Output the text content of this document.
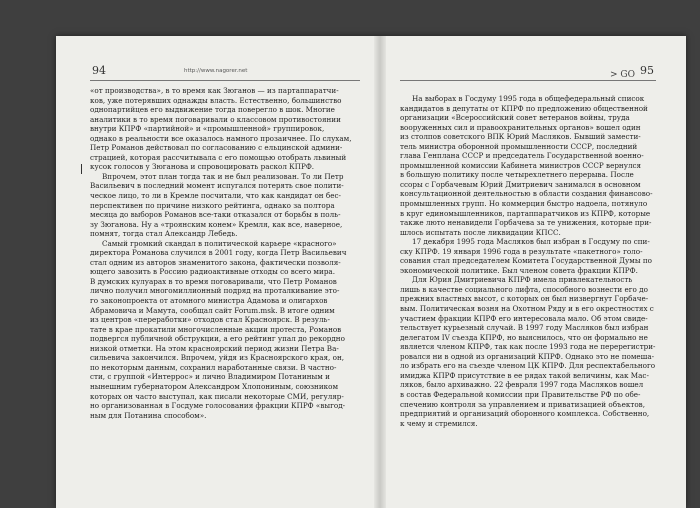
94	http://www.nagorer.net

«от производства», в то время как Зюганов — из партаппаратчи-
ков, уже потерявших однажды власть. Естественно, большинство
однопартийцев его выдвижение тогда поверегло в шок. Многие
аналитики в то время поговаривали о классовом противостоянии
внутри КПРФ «партийной» и «промышленной» группировок,
однако в реальности все оказалось намного прозаичнее. По слухам,
Петр Романов действовал по согласованию с ельцинской админи-
страцией, которая рассчитывала с его помощью отобрать львиный
кусок голосов у Зюганова и спровоцировать раскол КПРФ.

Впрочем, этот план тогда так и не был реализован. То ли Петр
Васильевич в последний момент испугался потерять свое полити-
ческое лицо, то ли в Кремле посчитали, что как кандидат он бес-
перспективен по причине низкого рейтинга, однако за полтора
месяца до выборов Романов все-таки отказался от борьбы в поль-
зу Зюганова. Ну а «троянским конем» Кремля, как все, наверное,
помнят, тогда стал Александр Лебедь.

Самый громкий скандал в политической карьере «красного»
директора Романова случился в 2001 году, когда Петр Васильевич
стал одним из авторов знаменитого закона, фактически позволя-
ющего завозить в Россию радиоактивные отходы со всего мира.
В думских кулуарах в то время поговаривали, что Петр Романов
лично получил многомиллионный подряд на проталкивание это-
го законопроекта от атомного министра Адамова и олигархов
Абрамовича и Мамута, сообщал сайт Forum.msk. В итоге одним
из центров «переработки» отходов стал Красноярск. В резуль-
тате в крае прокатили многочисленные акции протеста, Романов
подвергся публичной обструкции, а его рейтинг упал до рекордно
низкой отметки. На этом красноярский период жизни Петра Ва-
сильевича закончился. Впрочем, уйдя из Красноярского края, он,
по некоторым данным, сохранил наработанные связи. В частно-
сти, с группой «Интеррос» и лично Владимиром Потаниным и
нынешним губернатором Александром Хлопониным, союзником
которых он часто выступал, как писали некоторые СМИ, регуляр-
но организованная в Госдуме голосования фракции КПРФ «выгод-
ным для Потанина способом».

> GO 95

На выборах в Госдуму 1995 года в общефедеральный список
кандидатов в депутаты от КПРФ по предложению общественной
организации «Всероссийский совет ветеранов войны, труда
вооруженных сил и правоохранительных органов» вошел один
из столпов советского ВПК Юрий Масляков. Бывший замести-
тель министра оборонной промышленности СССР, последний
глава Генплана СССР и председатель Государственной военно-
промышленной комиссии Кабинета министров СССР вернулся
в большую политику после четырехлетнего перерыва. После
ссоры с Горбачевым Юрий Дмитриевич занимался в основном
консультационной деятельностью в области создания финансово-
промышленных групп. Но коммерция быстро надоела, потянуло
в круг единомышленников, партаппаратчиков из КПРФ, которые
также люто ненавидели Горбачева за те унижения, которые при-
шлось испытать после ликвидации КПСС.

17 декабря 1995 года Масляков был избран в Госдуму по спи-
ску КПРФ. 19 января 1996 года в результате «пакетного» голо-
сования стал председателем Комитета Государственной Думы по
экономической политике. Был членом совета фракции КПРФ.

Для Юрия Дмитриевича КПРФ имела привлекательность
лишь в качестве социального лифта, способного вознести его до
прежних властных высот, с которых он был низвергнут Горбаче-
вым. Политическая возня на Охотном Ряду и в его окрестностях с
участием фракции КПРФ его интересовала мало. Об этом свиде-
тельствует курьезный случай. В 1997 году Масляков был избран
делегатом IV съезда КПРФ, но выяснилось, что он формально не
является членом КПРФ, так как после 1993 года не перерегистри-
ровался ни в одной из организаций КПРФ. Однако это не помеша-
ло избрать его на съезде членом ЦК КПРФ. Для респектабельного
имиджа КПРФ присутствие в ее рядах такой величины, как Мас-
ляков, было архиважно. 22 февраля 1997 года Масляков вошел
в состав Федеральной комиссии при Правительстве РФ по обе-
спечению контроля за управлением и приватизацией объектов,
предприятий и организаций оборонного комплекса. Собственно,
к чему и стремился.
